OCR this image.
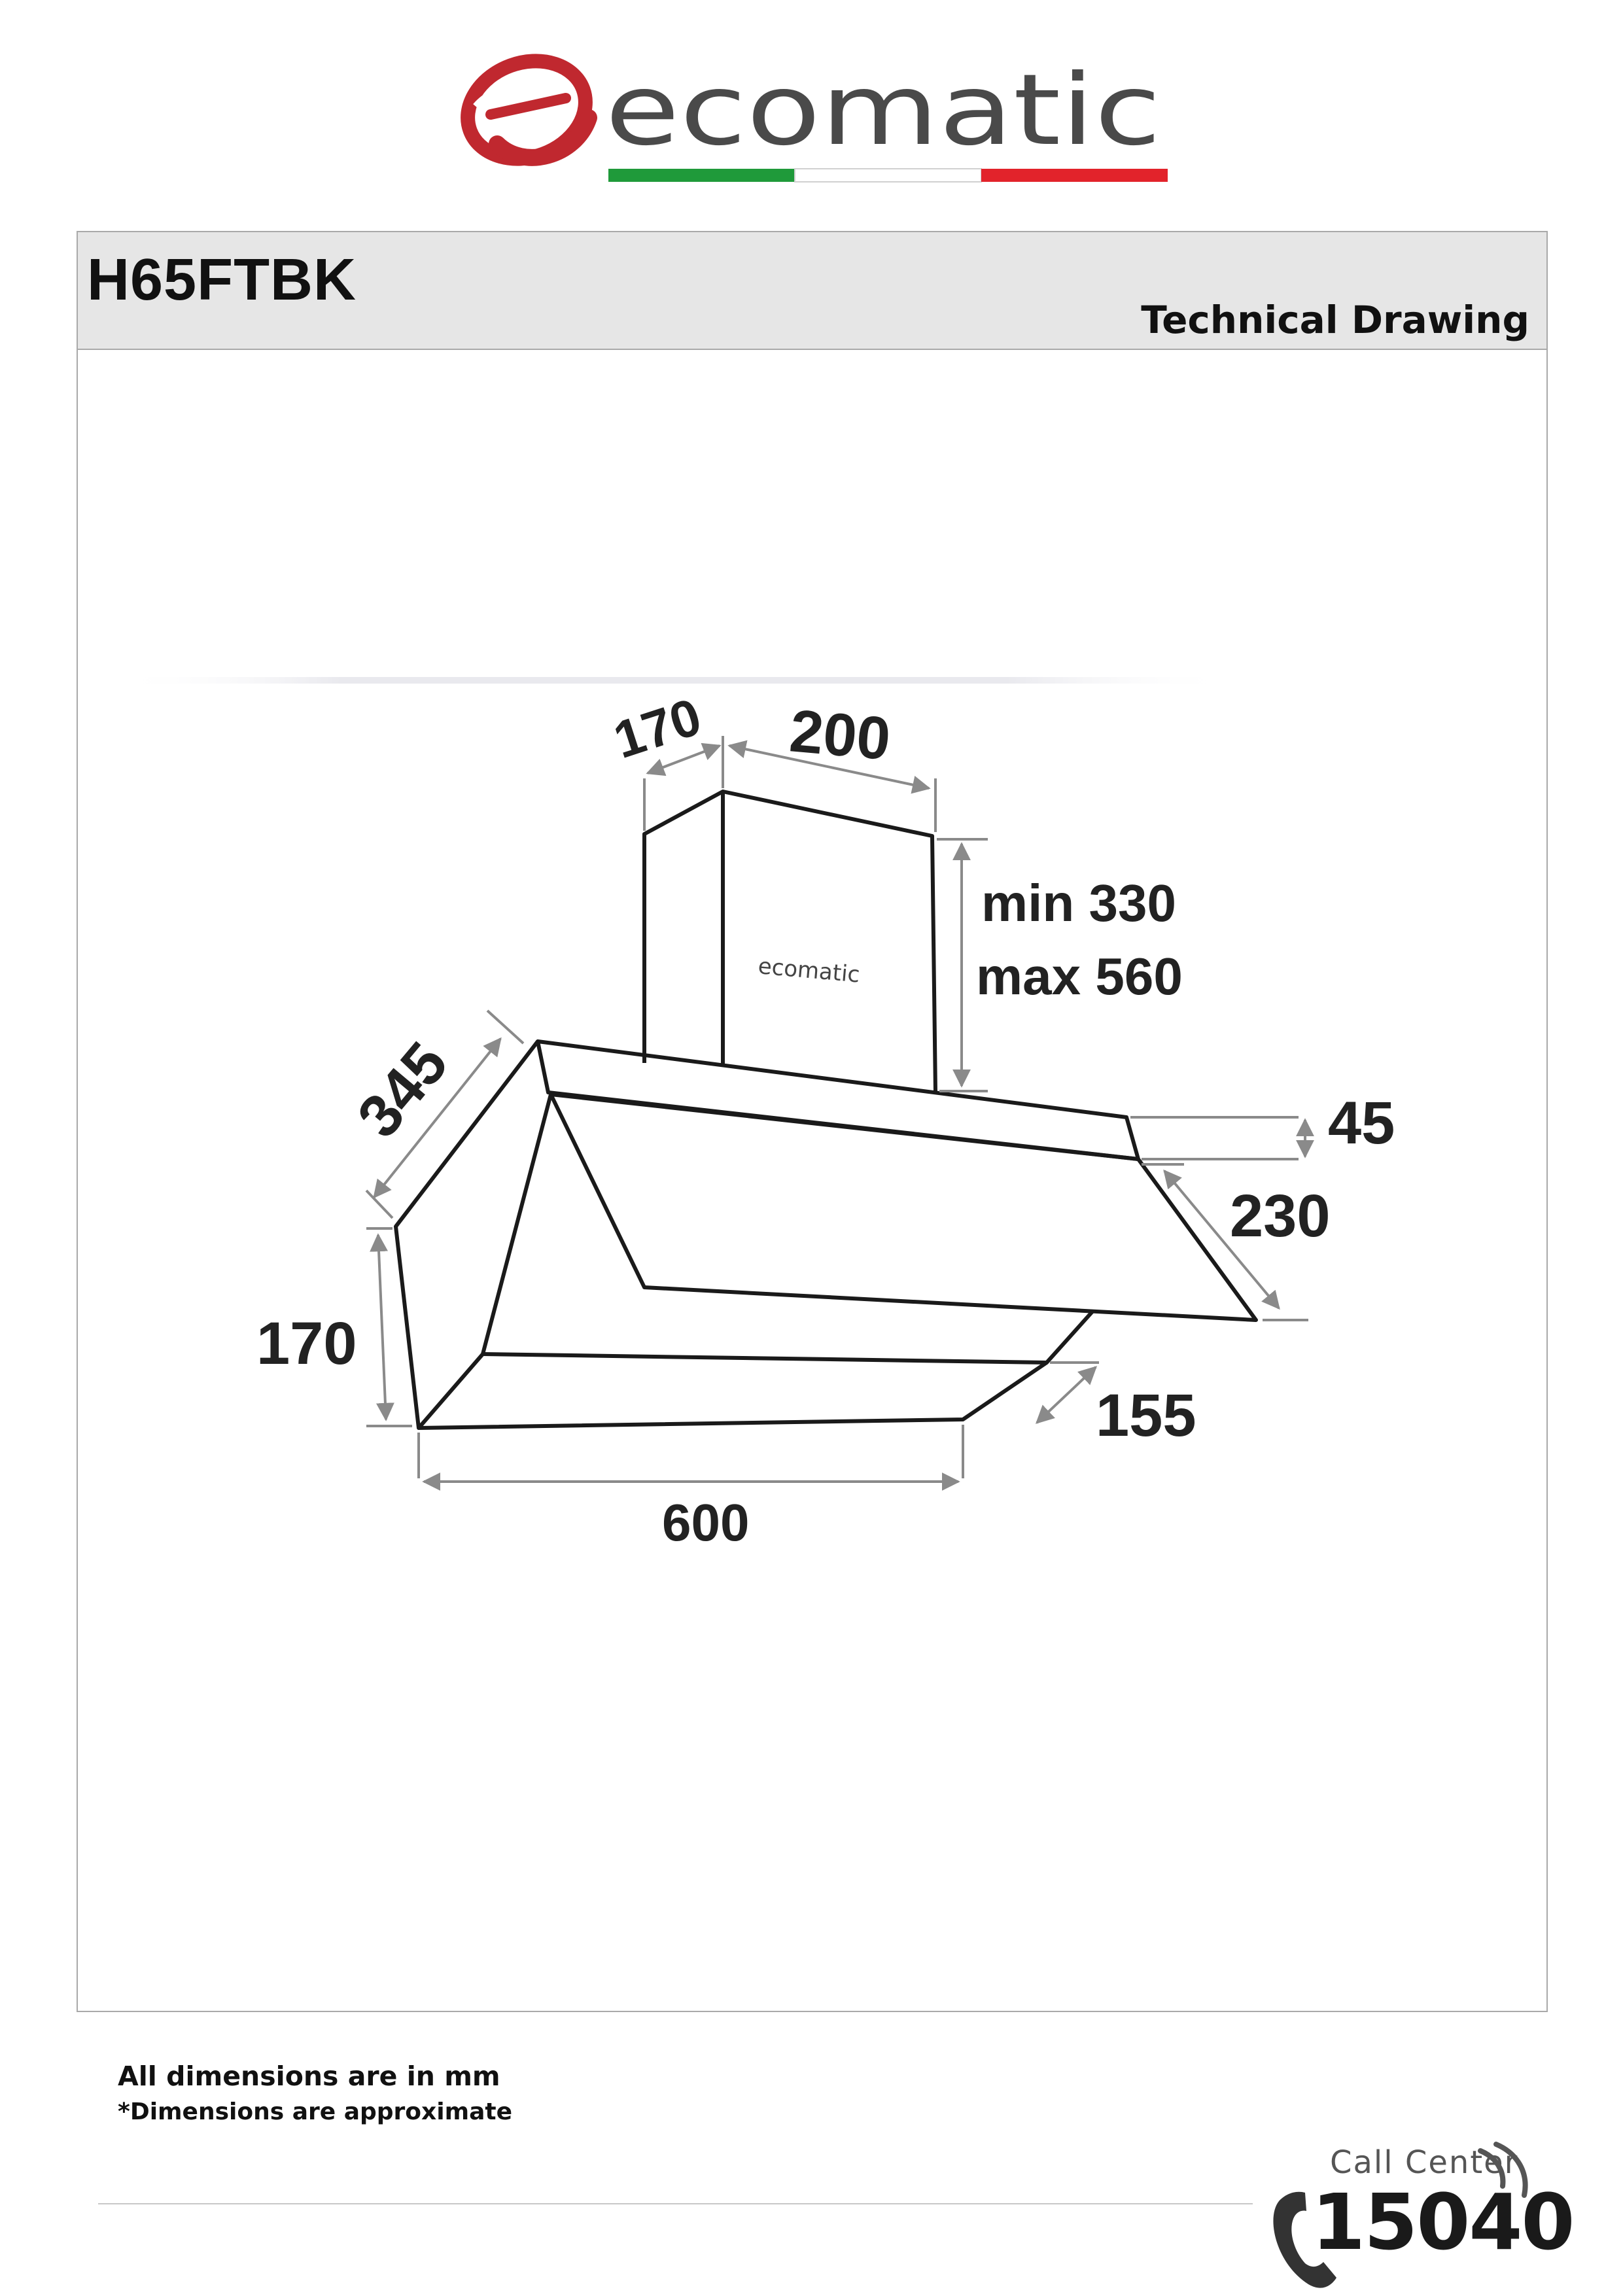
ecomatic
H65FTBK
Technical Drawing
ecomatic
170 200
min 330
max 560
345	45
230
170
155
600
All dimensions are in mm
*Dimensions are approximate
Call Center
15040
